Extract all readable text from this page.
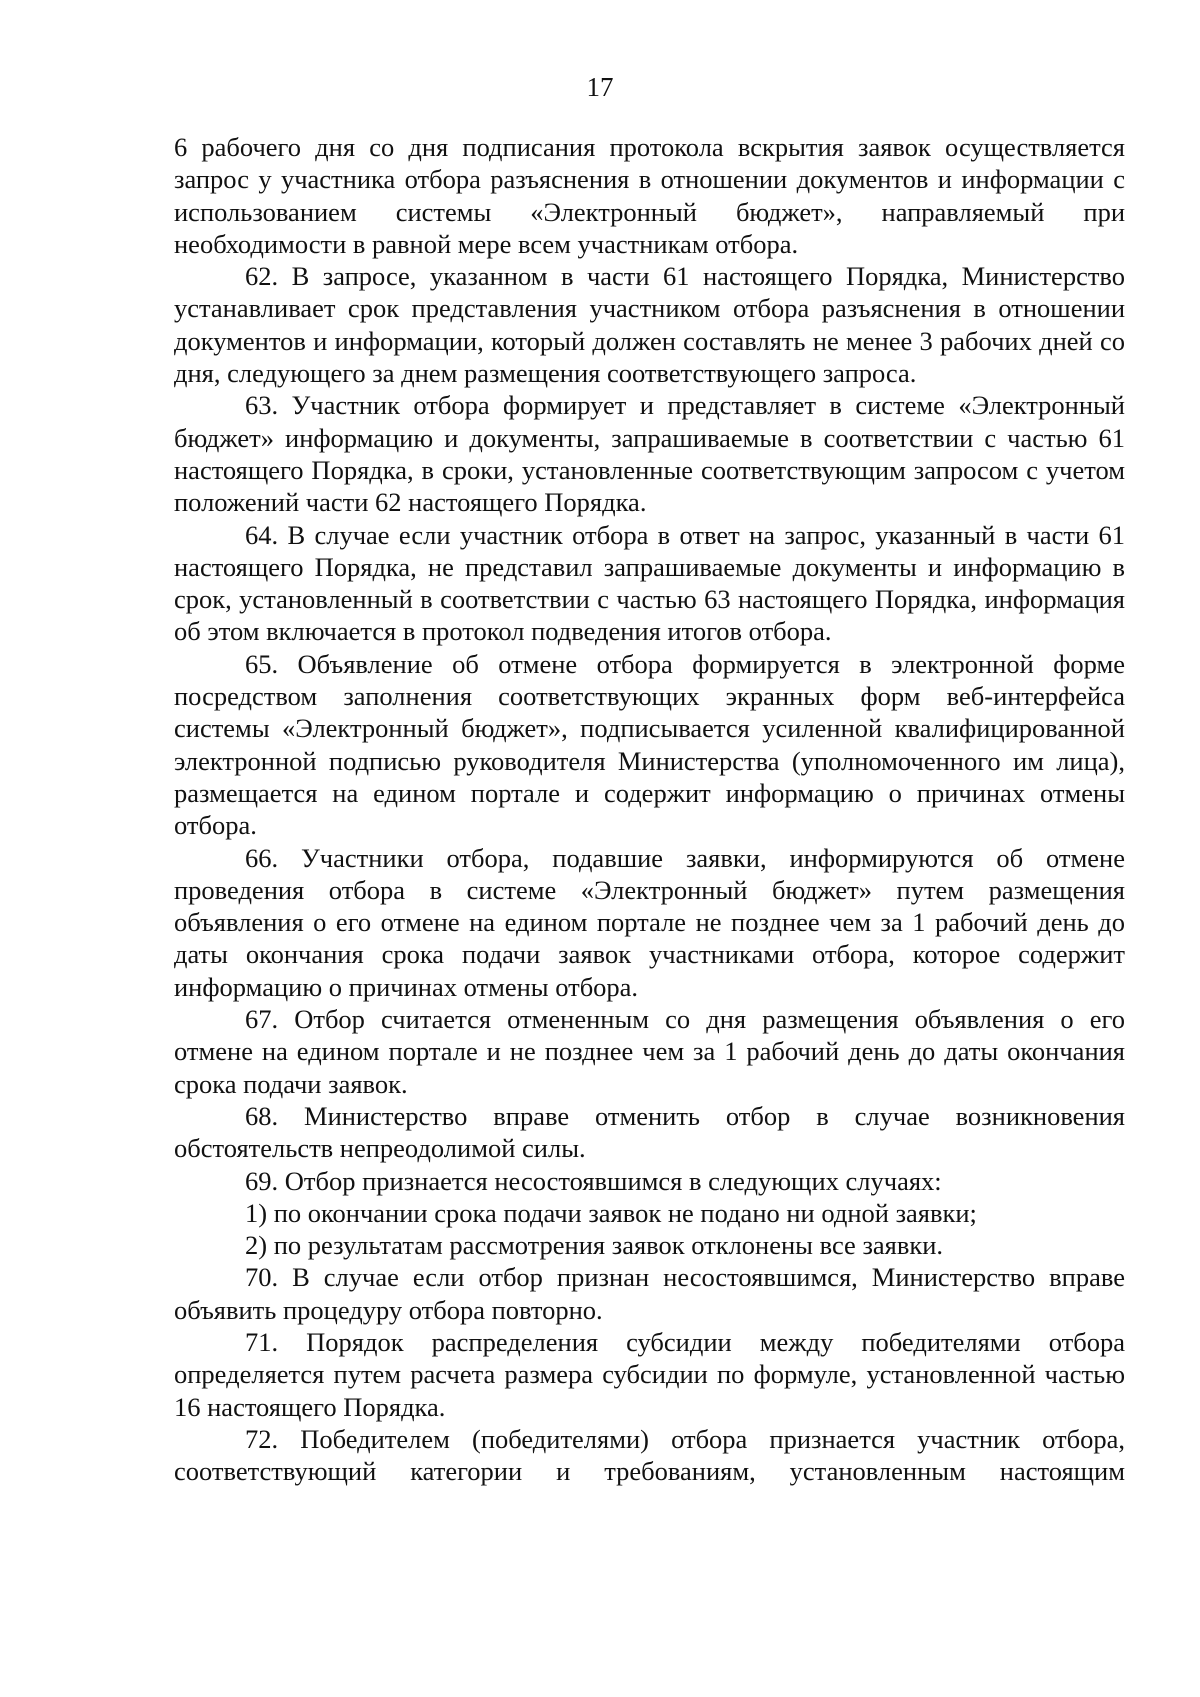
17

6 рабочего дня со дня подписания протокола вскрытия заявок осуществляется запрос у участника отбора разъяснения в отношении документов и информации с использованием системы «Электронный бюджет», направляемый при необходимости в равной мере всем участникам отбора.

62. В запросе, указанном в части 61 настоящего Порядка, Министерство устанавливает срок представления участником отбора разъяснения в отношении документов и информации, который должен составлять не менее 3 рабочих дней со дня, следующего за днем размещения соответствующего запроса.

63. Участник отбора формирует и представляет в системе «Электронный бюджет» информацию и документы, запрашиваемые в соответствии с частью 61 настоящего Порядка, в сроки, установленные соответствующим запросом с учетом положений части 62 настоящего Порядка.

64. В случае если участник отбора в ответ на запрос, указанный в части 61 настоящего Порядка, не представил запрашиваемые документы и информацию в срок, установленный в соответствии с частью 63 настоящего Порядка, информация об этом включается в протокол подведения итогов отбора.

65. Объявление об отмене отбора формируется в электронной форме посредством заполнения соответствующих экранных форм веб-интерфейса системы «Электронный бюджет», подписывается усиленной квалифицированной электронной подписью руководителя Министерства (уполномоченного им лица), размещается на едином портале и содержит информацию о причинах отмены отбора.

66. Участники отбора, подавшие заявки, информируются об отмене проведения отбора в системе «Электронный бюджет» путем размещения объявления о его отмене на едином портале не позднее чем за 1 рабочий день до даты окончания срока подачи заявок участниками отбора, которое содержит информацию о причинах отмены отбора.

67. Отбор считается отмененным со дня размещения объявления о его отмене на едином портале и не позднее чем за 1 рабочий день до даты окончания срока подачи заявок.

68. Министерство вправе отменить отбор в случае возникновения обстоятельств непреодолимой силы.

69. Отбор признается несостоявшимся в следующих случаях:

1) по окончании срока подачи заявок не подано ни одной заявки;

2) по результатам рассмотрения заявок отклонены все заявки.

70. В случае если отбор признан несостоявшимся, Министерство вправе объявить процедуру отбора повторно.

71. Порядок распределения субсидии между победителями отбора определяется путем расчета размера субсидии по формуле, установленной частью 16 настоящего Порядка.

72. Победителем (победителями) отбора признается участник отбора, соответствующий категории и требованиям, установленным настоящим
